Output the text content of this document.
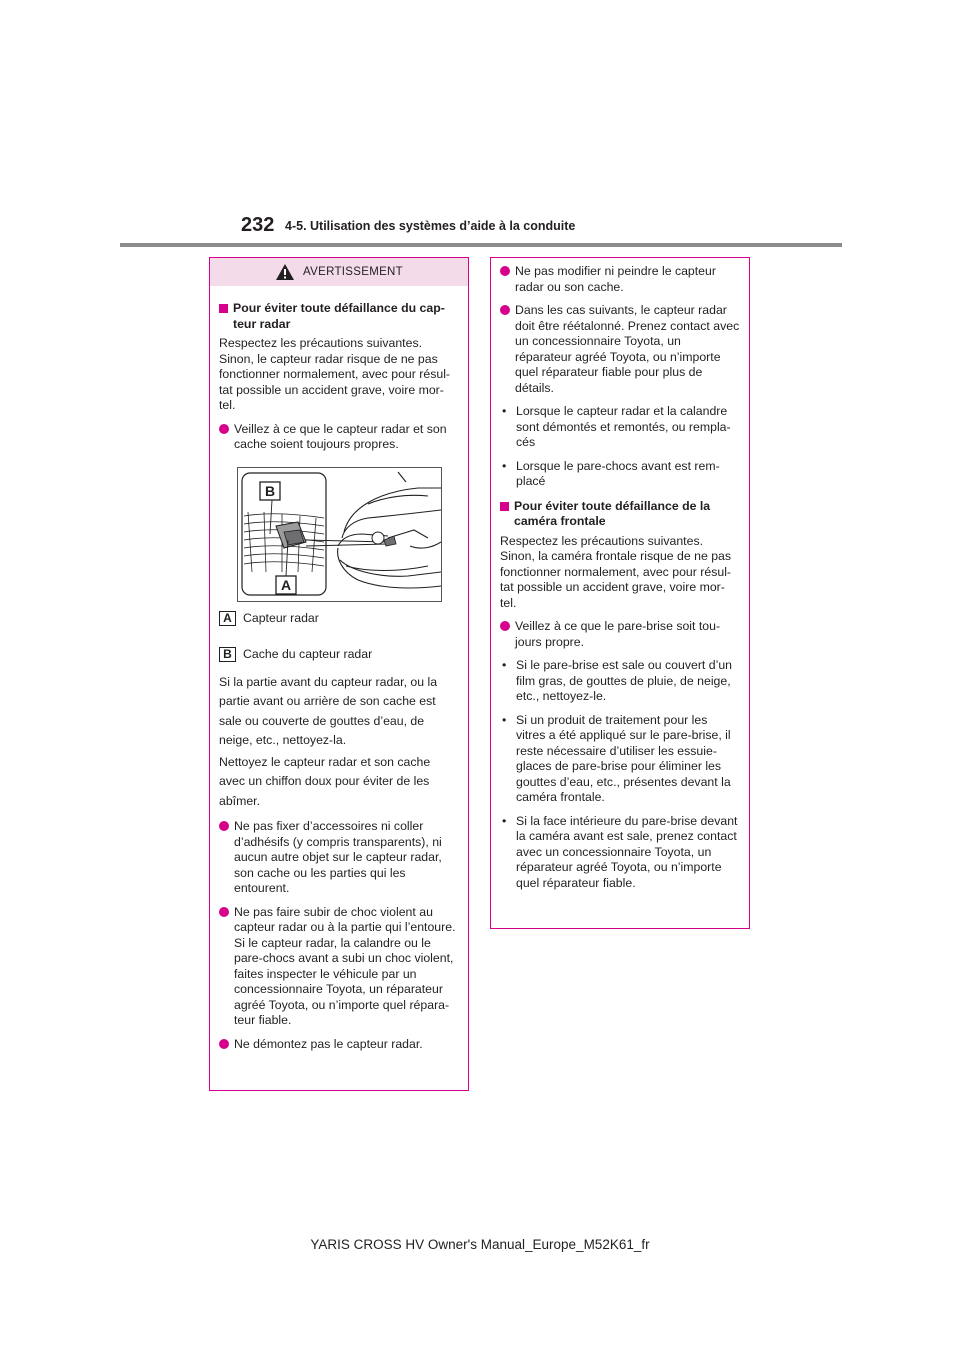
232 4-5. Utilisation des systèmes d’aide à la conduite
AVERTISSEMENT
Pour éviter toute défaillance du cap-teur radar

Respectez les précautions suivantes. Sinon, le capteur radar risque de ne pas fonctionner normalement, avec pour résul-tat possible un accident grave, voire mor-tel.

Veillez à ce que le capteur radar et son cache soient toujours propres.
B
A
A Capteur radar
B Cache du capteur radar

Si la partie avant du capteur radar, ou la partie avant ou arrière de son cache est sale ou couverte de gouttes d’eau, de neige, etc., nettoyez-la.

Nettoyez le capteur radar et son cache avec un chiffon doux pour éviter de les abîmer.

Ne pas fixer d’accessoires ni coller d’adhésifs (y compris transparents), ni aucun autre objet sur le capteur radar, son cache ou les parties qui les entourent.
Ne pas faire subir de choc violent au capteur radar ou à la partie qui l’entoure.
Si le capteur radar, la calandre ou le pare-chocs avant a subi un choc violent, faites inspecter le véhicule par un concessionnaire Toyota, un réparateur agréé Toyota, ou n’importe quel répara-teur fiable.
Ne démontez pas le capteur radar.
Ne pas modifier ni peindre le capteur radar ou son cache.
Dans les cas suivants, le capteur radar doit être réétalonné. Prenez contact avec un concessionnaire Toyota, un réparateur agréé Toyota, ou n’importe quel réparateur fiable pour plus de détails.
• Lorsque le capteur radar et la calandre sont démontés et remontés, ou rempla-cés
• Lorsque le pare-chocs avant est rem-placé
Pour éviter toute défaillance de la caméra frontale

Respectez les précautions suivantes. Sinon, la caméra frontale risque de ne pas fonctionner normalement, avec pour résul-tat possible un accident grave, voire mor-tel.

Veillez à ce que le pare-brise soit tou-jours propre.
• Si le pare-brise est sale ou couvert d’un film gras, de gouttes de pluie, de neige, etc., nettoyez-le.
• Si un produit de traitement pour les vitres a été appliqué sur le pare-brise, il reste nécessaire d’utiliser les essuie-glaces de pare-brise pour éliminer les gouttes d’eau, etc., présentes devant la caméra frontale.
• Si la face intérieure du pare-brise devant la caméra avant est sale, prenez contact avec un concessionnaire Toyota, un réparateur agréé Toyota, ou n’importe quel réparateur fiable.
YARIS CROSS HV Owner's Manual_Europe_M52K61_fr
